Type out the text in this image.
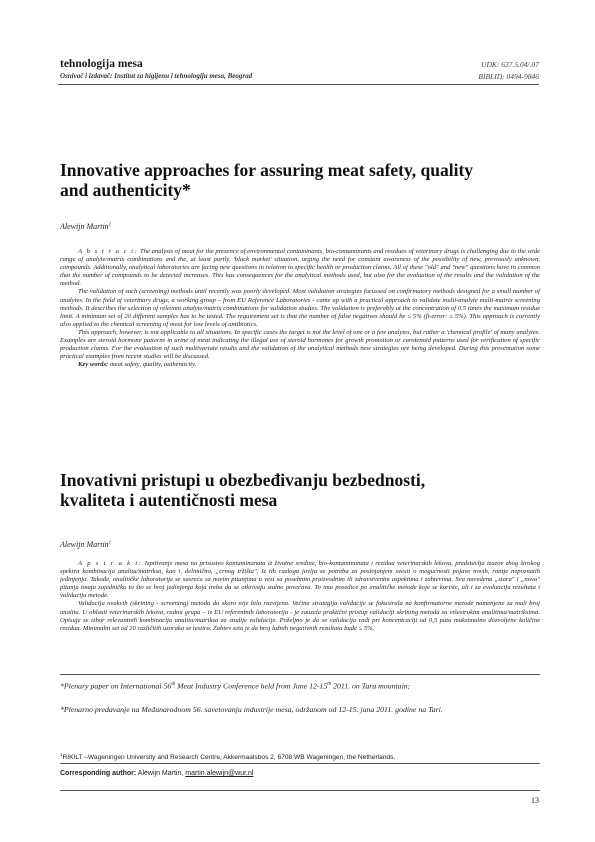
tehnologija mesa
Osnivač i izdavač: Institut za higijenu i tehnologiju mesa, Beograd
UDK: 637.5.04/.07
BIBLID: 0494-9846
Innovative approaches for assuring meat safety, quality
and authenticity*
Alewijn Martin$^1$

A b s t r a c t: The analysis of meat for the presence of environmental contaminants, bio-contaminants and residues of veterinary drugs is challenging due to the wide range of analyte/matrix combinations and the, at least partly, 'black market' situation, urging the need for constant awareness of the possibility of new, previously unknown, compounds. Additionally, analytical laboratories are facing new questions in relation to specific health or production claims. All of these "old" and "new" questions have in common that the number of compounds to be detected increases. This has consequences for the analytical methods used, but also for the evaluation of the results and the validation of the method.

The validation of such (screening) methods until recently was poorly developed. Most validation strategies focussed on confirmatory methods designed for a small number of analytes. In the field of veterinary drugs, a working group – from EU Reference Laboratories - came up with a practical approach to validate multi-analyte multi-matrix screening methods. It describes the selection of relevant analyte/matrix combinations for validation studies. The validation is preferably at the concentration of 0.5 times the maximum residue limit. A minimum set of 20 different samples has to be tested. The requirement set is that the number of false negatives should be ≤ 5% (β-error: ≤ 5%). This approach is currently also applied to the chemical screening of meat for low levels of antibiotics.

This approach, however, is not applicable to all situations. In specific cases the target is not the level of one or a few analytes, but rather a 'chemical profile' of many analytes. Examples are steroid hormone patterns in urine of meat indicating the illegal use of steroid hormones for growth promotion or carotenoid patterns used for verification of specific production claims. For the evaluation of such multivariate results and the validation of the analytical methods new strategies are being developed. During this presentation some practical examples from recent studies will be discussed.

Key words: meat safety, quality, authenticity.

Inovativni pristupi u obezbeđivanju bezbednosti,
kvaliteta i autentičnosti mesa
Alewijn Martin$^1$

A p s t r a k t: Ispitivanje mesa na prisustvo kontaminanata iz životne sredine, bio-kontaminanata i rezidua veterinarskih lekova, predstavlja izazov zbog širokog spektra kombinacija analita/matriksa, kao i, delimično, „crnog tržišta". Iz tih razloga javlja se potreba za postojanjem svesti o mogućnosti pojave novih, ranije nepoznatih jedinjenja. Takođe, analitičke laboratorije se susreću sa novim pitanjima u vezi sa posebnim proizvodnim ili zdravstvenim aspektima i zahtevima. Sva navedena „stara" i „nova" pitanja imaju zajedničko to što se broj jedinjenja koja treba da se otkrivaju stalno povećava. To ima posedice po analitičke metode koje se koriste, ali i za evaluaciju rezultata i validaciju metode.

Validacija ovakvih (skrining - screening) metoda do skoro nije bila razvijena. Većina strategija validacije se fokusirala na konfirmatorne metode namenjene za mali broj analita. U oblasti veterinarskih lekova, radna grupa – iz EU referentnih laboratorija - je zauzela praktični pristup validaciji skrining metoda sa višestrukim analitima/matriksima. Opisuje se izbor relevantnih kombinacija analita/matriksa za studije validacije. Poželjno je da se validacija radi pri koncentraciji od 0,5 puta maksimalno dozvoljene količine rezidua. Minimalni set od 20 različitih uzoraka se testira. Zahtev seta je da broj lažnih negativnih rezultata bude ≤ 5%.

*Plenary paper on International 56th Meat Industry Conference held from June 12-15th 2011. on Tara mountain;
*Plenarno predavanje na Međunarodnom 56. savetovanju industrije mesa, održanom od 12-15. juna 2011. godine na Tari.
$^1$RIKILT –Wageningen University and Research Centre, Akkermaalsbos 2, 6708 WB Wageningen, the Netherlands.
Corresponding author: Alewijn Martin, martin.alewijn@wur.nl
13
